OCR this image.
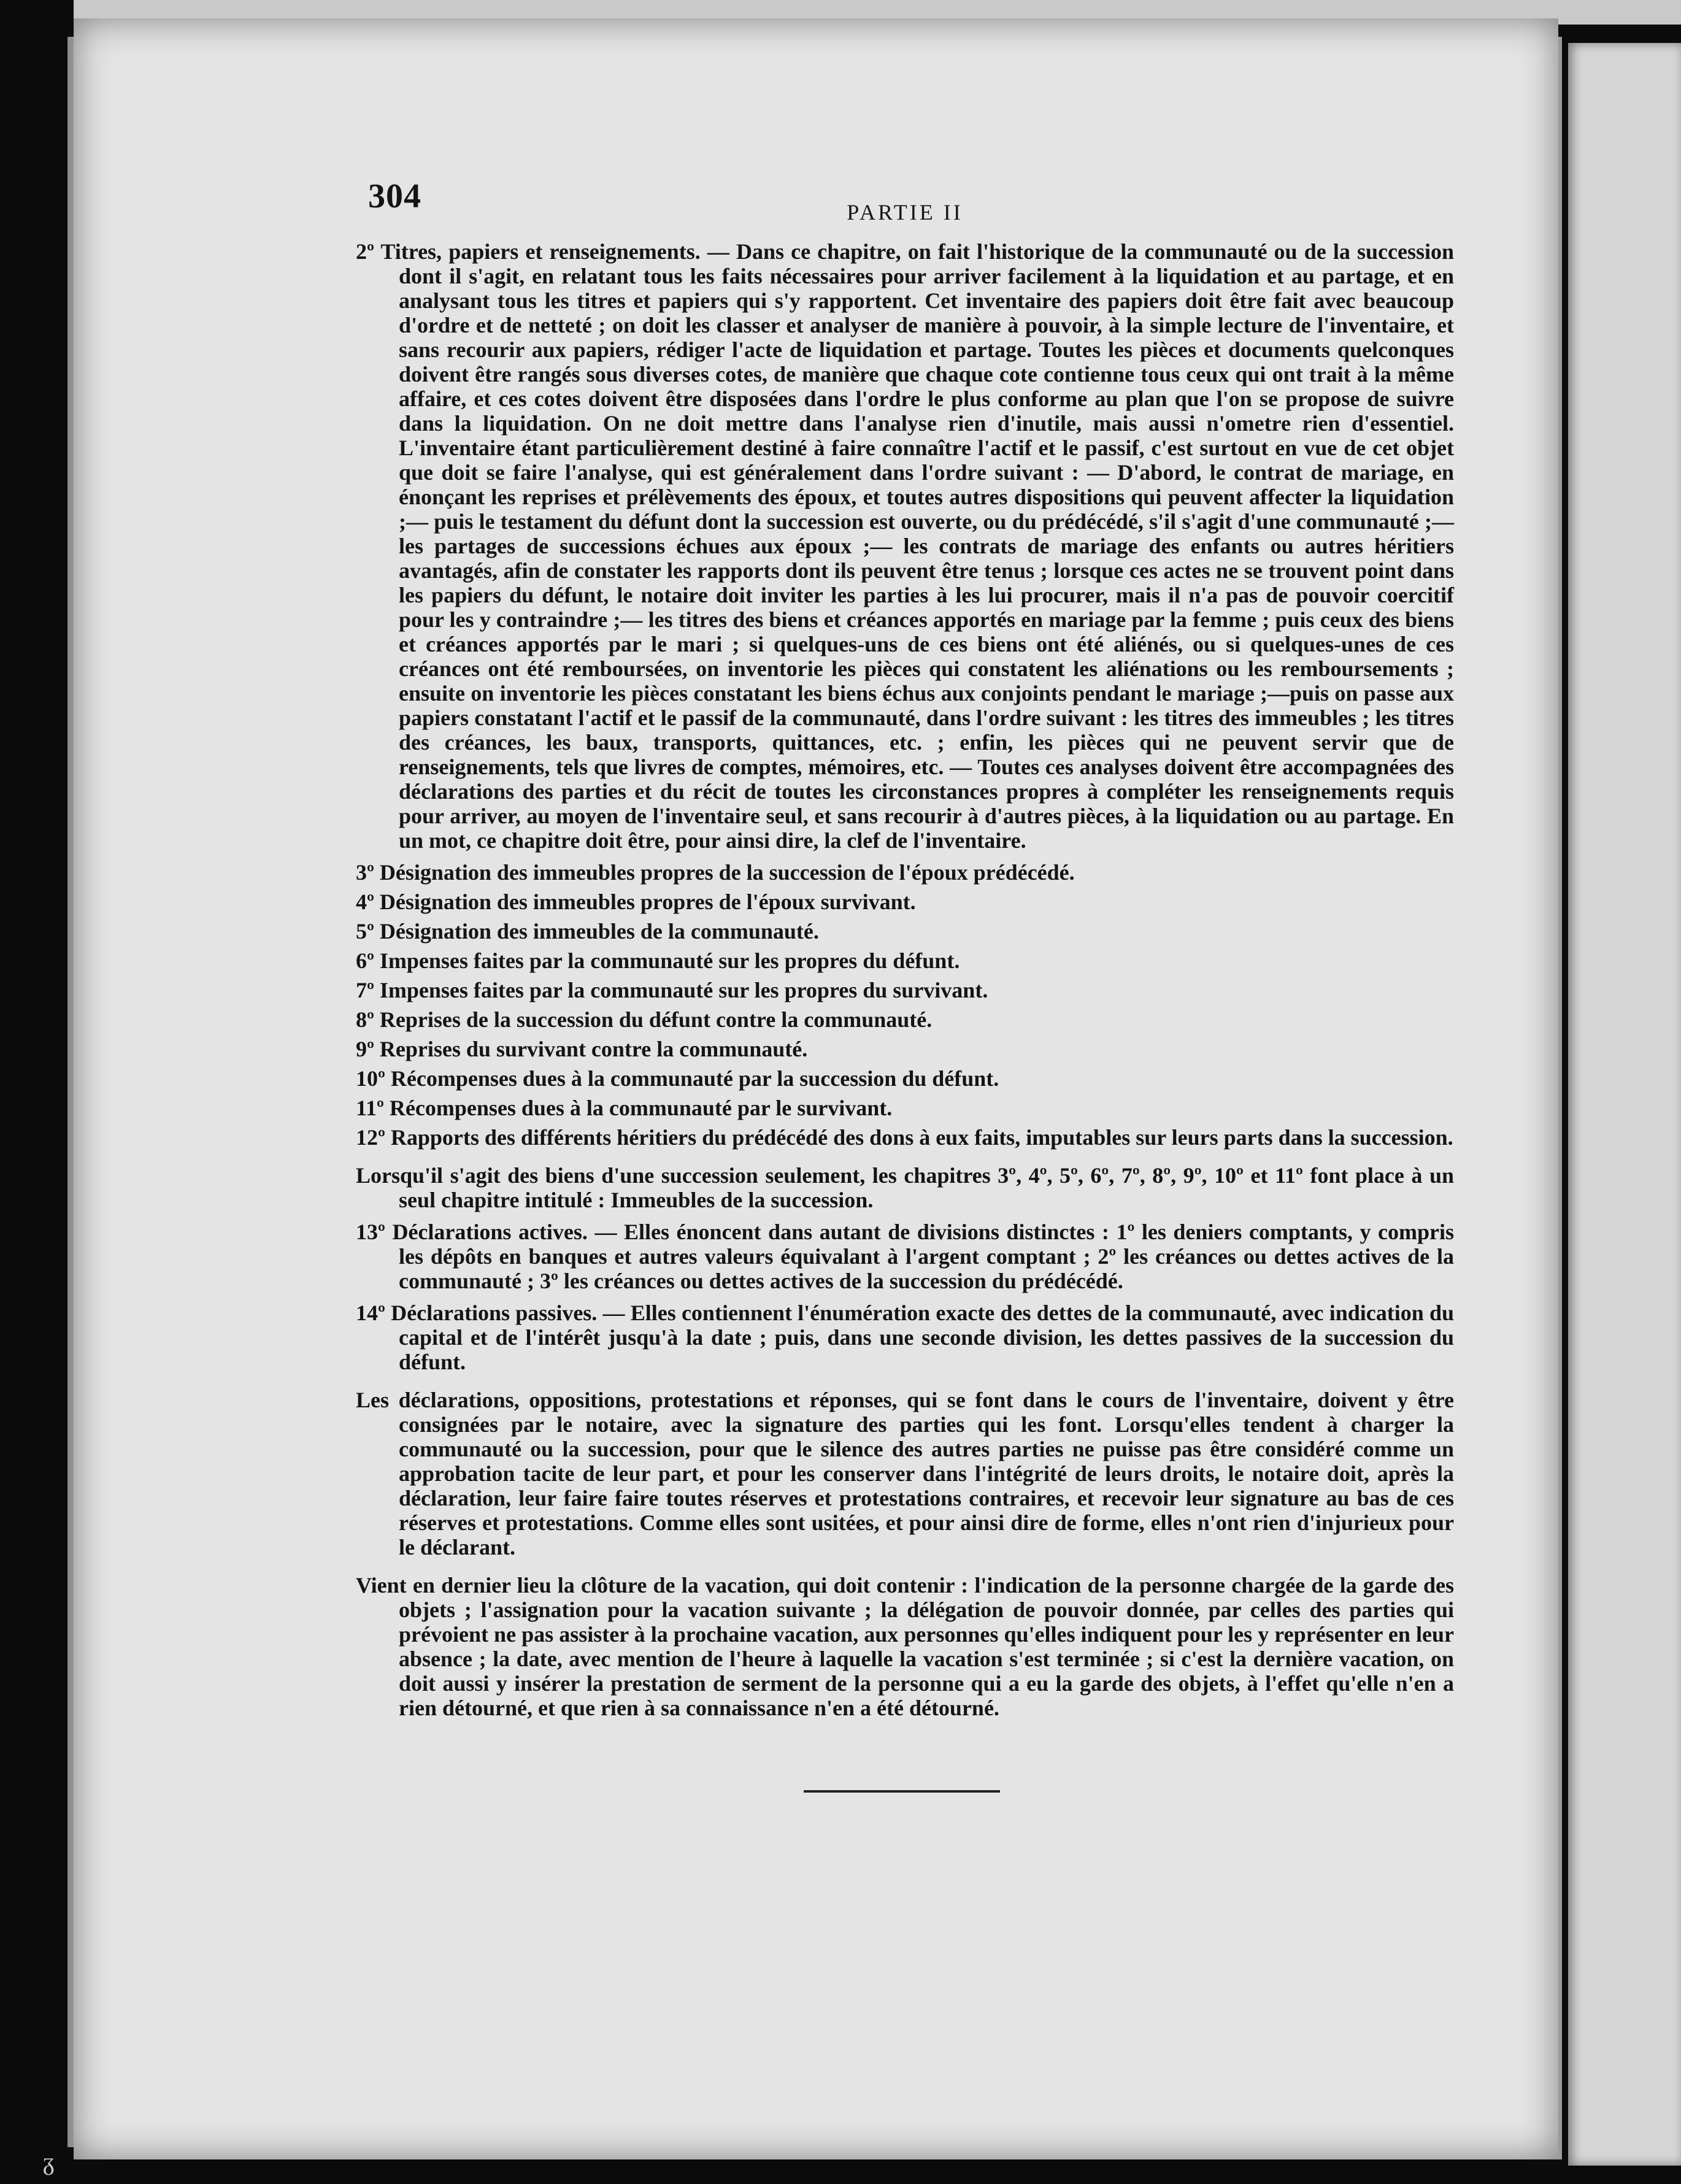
304	PARTIE II

2º Titres, papiers et renseignements. — Dans ce chapitre, on fait l'historique de la communauté ou de la succession dont il s'agit, en relatant tous les faits nécessaires pour arriver facilement à la liquidation et au partage, et en analysant tous les titres et papiers qui s'y rapportent. Cet inventaire des papiers doit être fait avec beaucoup d'ordre et de netteté ; on doit les classer et analyser de manière à pouvoir, à la simple lecture de l'inventaire, et sans recourir aux papiers, rédiger l'acte de liquidation et partage. Toutes les pièces et documents quelconques doivent être rangés sous diverses cotes, de manière que chaque cote contienne tous ceux qui ont trait à la même affaire, et ces cotes doivent être disposées dans l'ordre le plus conforme au plan que l'on se propose de suivre dans la liquidation. On ne doit mettre dans l'analyse rien d'inutile, mais aussi n'ometre rien d'essentiel. L'inventaire étant particulièrement destiné à faire connaître l'actif et le passif, c'est surtout en vue de cet objet que doit se faire l'analyse, qui est généralement dans l'ordre suivant : — D'abord, le contrat de mariage, en énonçant les reprises et prélèvements des époux, et toutes autres dispositions qui peuvent affecter la liquidation ;— puis le testament du défunt dont la succession est ouverte, ou du prédécédé, s'il s'agit d'une communauté ;—les partages de successions échues aux époux ;— les contrats de mariage des enfants ou autres héritiers avantagés, afin de constater les rapports dont ils peuvent être tenus ; lorsque ces actes ne se trouvent point dans les papiers du défunt, le notaire doit inviter les parties à les lui procurer, mais il n'a pas de pouvoir coercitif pour les y contraindre ;— les titres des biens et créances apportés en mariage par la femme ; puis ceux des biens et créances apportés par le mari ; si quelques-uns de ces biens ont été aliénés, ou si quelques-unes de ces créances ont été remboursées, on inventorie les pièces qui constatent les aliénations ou les remboursements ; ensuite on inventorie les pièces constatant les biens échus aux conjoints pendant le mariage ;—puis on passe aux papiers constatant l'actif et le passif de la communauté, dans l'ordre suivant : les titres des immeubles ; les titres des créances, les baux, transports, quittances, etc. ; enfin, les pièces qui ne peuvent servir que de renseignements, tels que livres de comptes, mémoires, etc. — Toutes ces analyses doivent être accompagnées des déclarations des parties et du récit de toutes les circonstances propres à compléter les renseignements requis pour arriver, au moyen de l'inventaire seul, et sans recourir à d'autres pièces, à la liquidation ou au partage. En un mot, ce chapitre doit être, pour ainsi dire, la clef de l'inventaire.

3º Désignation des immeubles propres de la succession de l'époux prédécédé.

4º Désignation des immeubles propres de l'époux survivant.

5º Désignation des immeubles de la communauté.

6º Impenses faites par la communauté sur les propres du défunt.

7º Impenses faites par la communauté sur les propres du survivant.

8º Reprises de la succession du défunt contre la communauté.

9º Reprises du survivant contre la communauté.

10º Récompenses dues à la communauté par la succession du défunt.

11º Récompenses dues à la communauté par le survivant.

12º Rapports des différents héritiers du prédécédé des dons à eux faits, imputables sur leurs parts dans la succession.

Lorsqu'il s'agit des biens d'une succession seulement, les chapitres 3º, 4º, 5º, 6º, 7º, 8º, 9º, 10º et 11º font place à un seul chapitre intitulé : Immeubles de la succession.

13º Déclarations actives. — Elles énoncent dans autant de divisions distinctes : 1º les deniers comptants, y compris les dépôts en banques et autres valeurs équivalant à l'argent comptant ; 2º les créances ou dettes actives de la communauté ; 3º les créances ou dettes actives de la succession du prédécédé.

14º Déclarations passives. — Elles contiennent l'énumération exacte des dettes de la communauté, avec indication du capital et de l'intérêt jusqu'à la date ; puis, dans une seconde division, les dettes passives de la succession du défunt.

Les déclarations, oppositions, protestations et réponses, qui se font dans le cours de l'inventaire, doivent y être consignées par le notaire, avec la signature des parties qui les font. Lorsqu'elles tendent à charger la communauté ou la succession, pour que le silence des autres parties ne puisse pas être considéré comme un approbation tacite de leur part, et pour les conserver dans l'intégrité de leurs droits, le notaire doit, après la déclaration, leur faire faire toutes réserves et protestations contraires, et recevoir leur signature au bas de ces réserves et protestations. Comme elles sont usitées, et pour ainsi dire de forme, elles n'ont rien d'injurieux pour le déclarant.

Vient en dernier lieu la clôture de la vacation, qui doit contenir : l'indication de la personne chargée de la garde des objets ; l'assignation pour la vacation suivante ; la délégation de pouvoir donnée, par celles des parties qui prévoient ne pas assister à la prochaine vacation, aux personnes qu'elles indiquent pour les y représenter en leur absence ; la date, avec mention de l'heure à laquelle la vacation s'est terminée ; si c'est la dernière vacation, on doit aussi y insérer la prestation de serment de la personne qui a eu la garde des objets, à l'effet qu'elle n'en a rien détourné, et que rien à sa connaissance n'en a été détourné.

ᵹ
